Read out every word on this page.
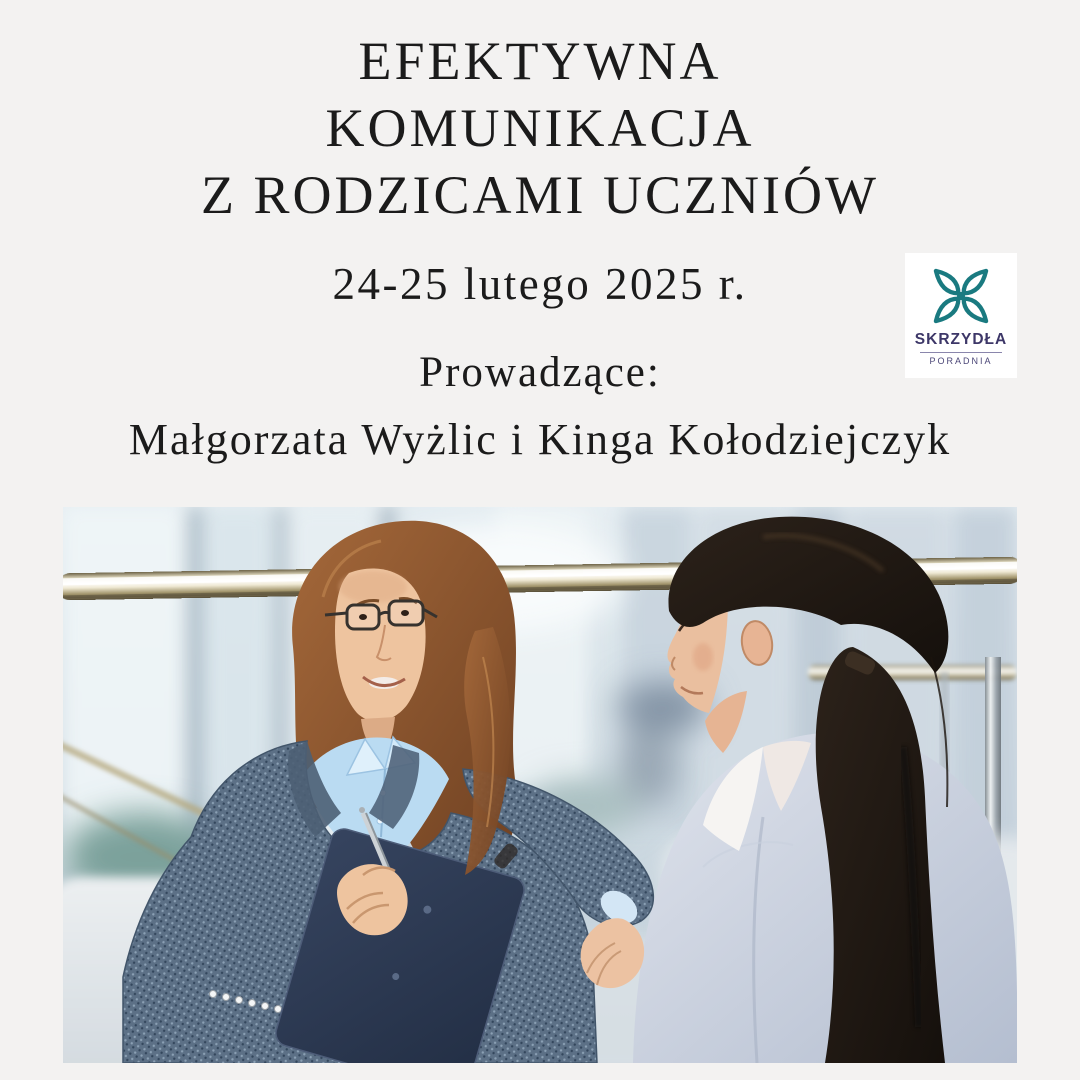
EFEKTYWNA
KOMUNIKACJA
Z RODZICAMI UCZNIÓW
24-25 lutego 2025 r.
Prowadzące:
Małgorzata Wyżlic i Kinga Kołodziejczyk
SKRZYDŁA
PORADNIA
